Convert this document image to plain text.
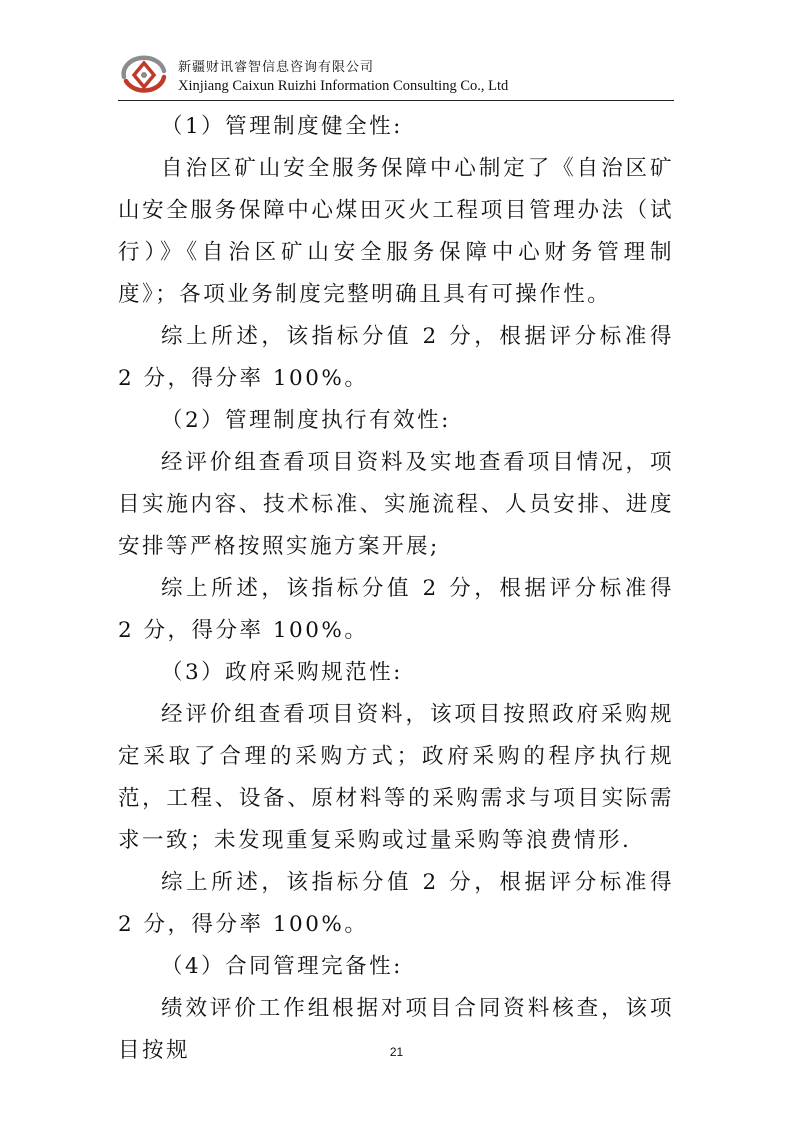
新疆财讯睿智信息咨询有限公司
Xinjiang Caixun Ruizhi Information Consulting Co., Ltd

（1）管理制度健全性:

自治区矿山安全服务保障中心制定了《自治区矿山安全服务保障中心煤田灭火工程项目管理办法（试行）》《自治区矿山安全服务保障中心财务管理制度》；各项业务制度完整明确且具有可操作性。

综上所述，该指标分值 2 分，根据评分标准得 2 分，得分率 100%。

（2）管理制度执行有效性:

经评价组查看项目资料及实地查看项目情况，项目实施内容、技术标准、实施流程、人员安排、进度安排等严格按照实施方案开展;

综上所述，该指标分值 2 分，根据评分标准得 2 分，得分率 100%。

（3）政府采购规范性:

经评价组查看项目资料，该项目按照政府采购规定采取了合理的采购方式；政府采购的程序执行规范，工程、设备、原材料等的采购需求与项目实际需求一致；未发现重复采购或过量采购等浪费情形.

综上所述，该指标分值 2 分，根据评分标准得 2 分，得分率 100%。

（4）合同管理完备性:

绩效评价工作组根据对项目合同资料核查，该项目按规	21
